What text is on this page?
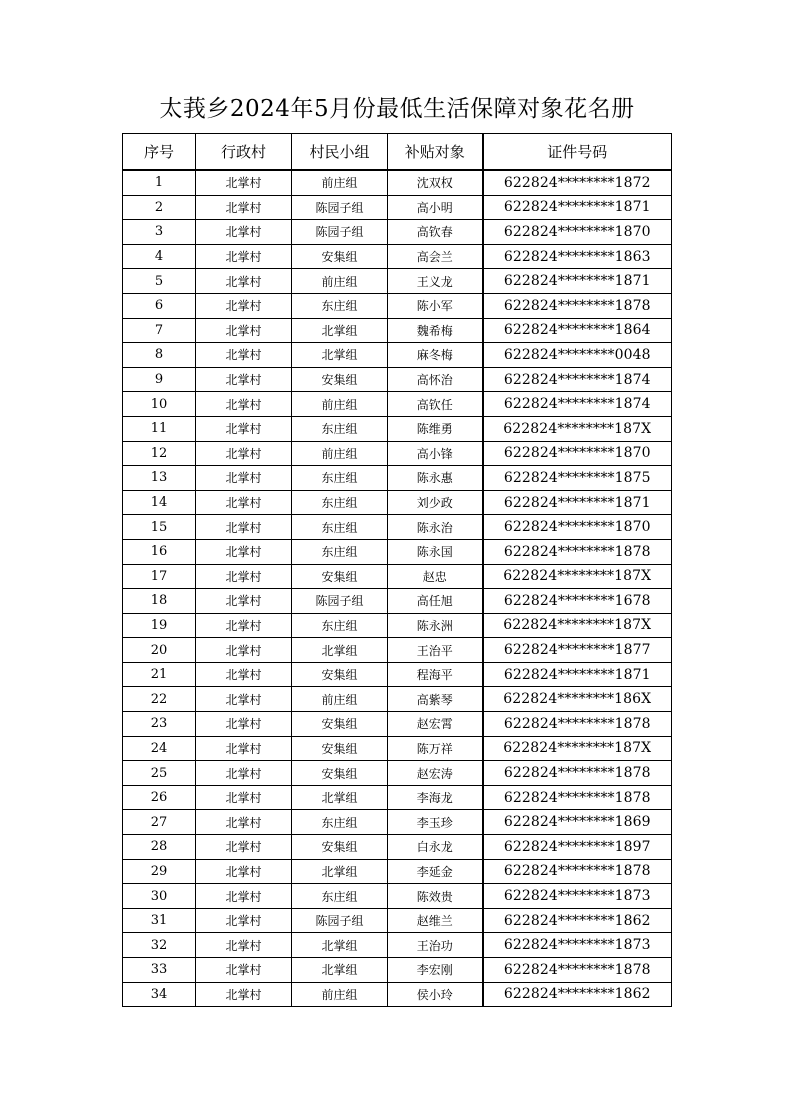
太莪乡2024年5月份最低生活保障对象花名册
序号	行政村	村民小组	补贴对象	证件号码
1	北掌村	前庄组	沈双权	622824********1872
2	北掌村	陈园子组	高小明	622824********1871
3	北掌村	陈园子组	高钦春	622824********1870
4	北掌村	安集组	高会兰	622824********1863
5	北掌村	前庄组	王义龙	622824********1871
6	北掌村	东庄组	陈小军	622824********1878
7	北掌村	北掌组	魏希梅	622824********1864
8	北掌村	北掌组	麻冬梅	622824********0048
9	北掌村	安集组	高怀治	622824********1874
10	北掌村	前庄组	高钦任	622824********1874
11	北掌村	东庄组	陈维勇	622824********187X
12	北掌村	前庄组	高小锋	622824********1870
13	北掌村	东庄组	陈永惠	622824********1875
14	北掌村	东庄组	刘少政	622824********1871
15	北掌村	东庄组	陈永治	622824********1870
16	北掌村	东庄组	陈永国	622824********1878
17	北掌村	安集组	赵忠	622824********187X
18	北掌村	陈园子组	高任旭	622824********1678
19	北掌村	东庄组	陈永洲	622824********187X
20	北掌村	北掌组	王治平	622824********1877
21	北掌村	安集组	程海平	622824********1871
22	北掌村	前庄组	高紫琴	622824********186X
23	北掌村	安集组	赵宏霄	622824********1878
24	北掌村	安集组	陈万祥	622824********187X
25	北掌村	安集组	赵宏涛	622824********1878
26	北掌村	北掌组	李海龙	622824********1878
27	北掌村	东庄组	李玉珍	622824********1869
28	北掌村	安集组	白永龙	622824********1897
29	北掌村	北掌组	李延金	622824********1878
30	北掌村	东庄组	陈效贵	622824********1873
31	北掌村	陈园子组	赵维兰	622824********1862
32	北掌村	北掌组	王治功	622824********1873
33	北掌村	北掌组	李宏刚	622824********1878
34	北掌村	前庄组	侯小玲	622824********1862
